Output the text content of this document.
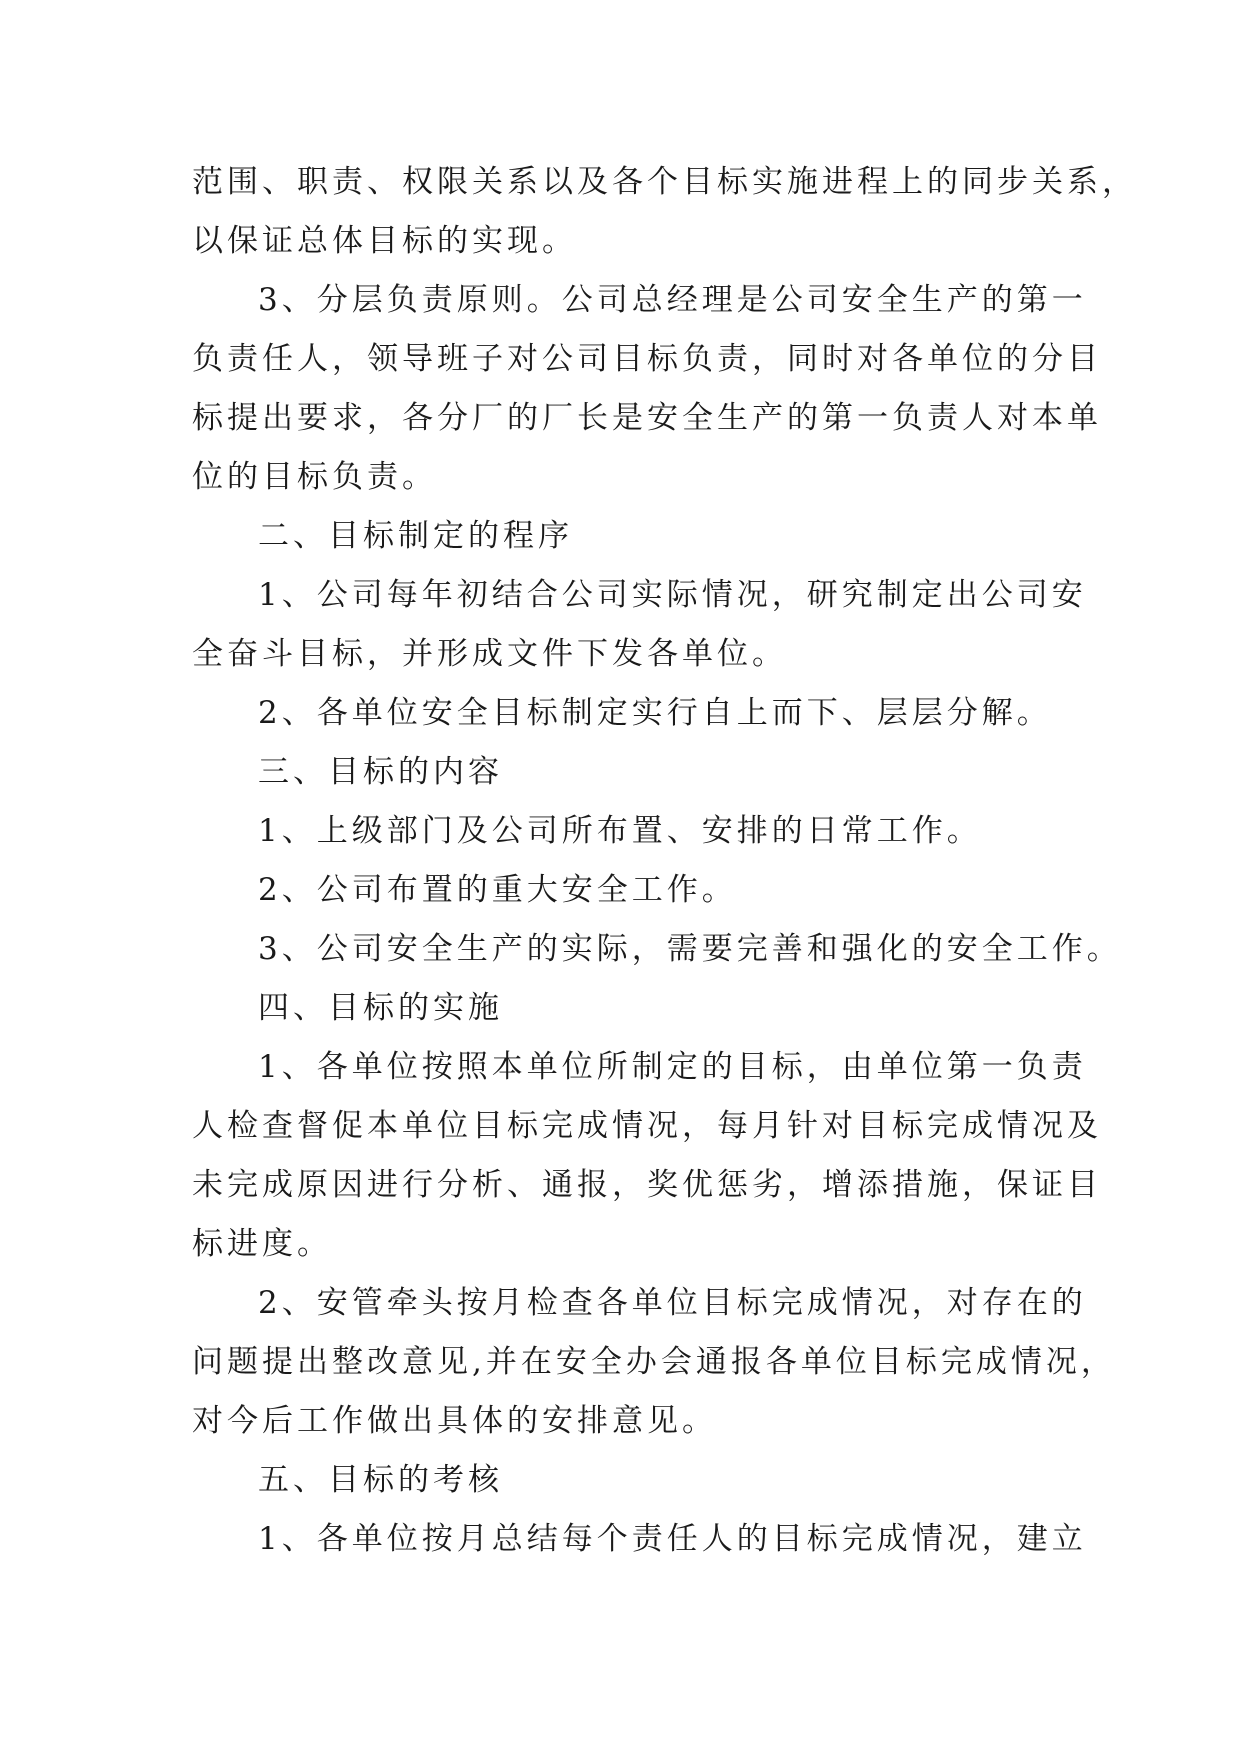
范围、职责、权限关系以及各个目标实施进程上的同步关系，
以保证总体目标的实现。
3、分层负责原则。公司总经理是公司安全生产的第一
负责任人，领导班子对公司目标负责，同时对各单位的分目
标提出要求，各分厂的厂长是安全生产的第一负责人对本单
位的目标负责。
二、目标制定的程序
1、公司每年初结合公司实际情况，研究制定出公司安
全奋斗目标，并形成文件下发各单位。
2、各单位安全目标制定实行自上而下、层层分解。
三、目标的内容
1、上级部门及公司所布置、安排的日常工作。
2、公司布置的重大安全工作。
3、公司安全生产的实际，需要完善和强化的安全工作。
四、目标的实施
1、各单位按照本单位所制定的目标，由单位第一负责
人检查督促本单位目标完成情况，每月针对目标完成情况及
未完成原因进行分析、通报，奖优惩劣，增添措施，保证目
标进度。
2、安管牵头按月检查各单位目标完成情况，对存在的
问题提出整改意见,并在安全办会通报各单位目标完成情况，
对今后工作做出具体的安排意见。
五、目标的考核
1、各单位按月总结每个责任人的目标完成情况，建立
